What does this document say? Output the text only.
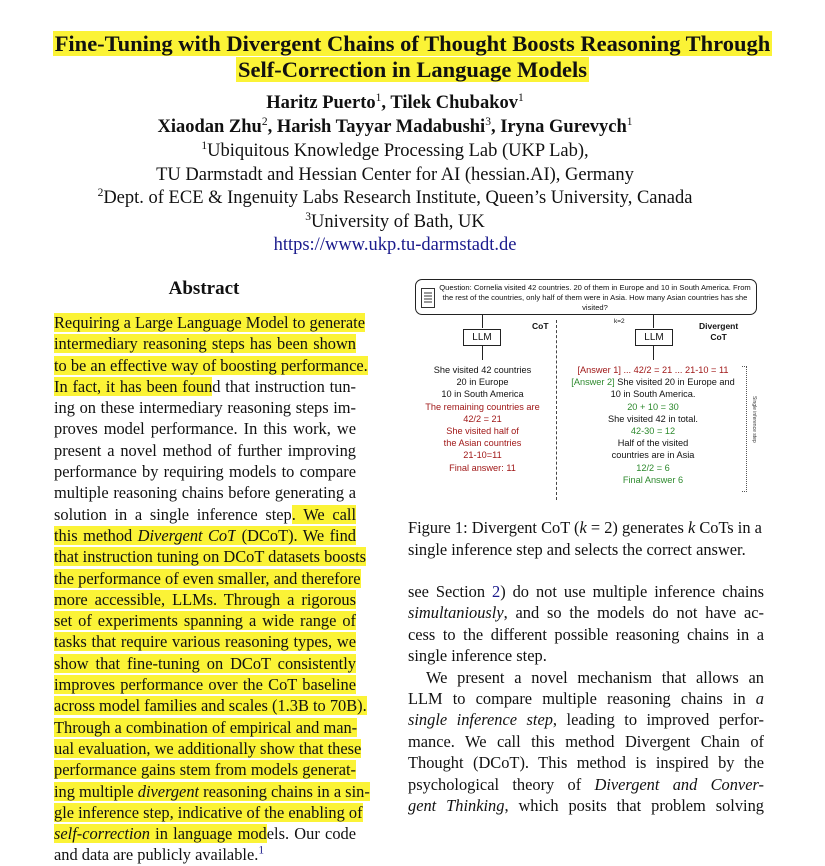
Fine-Tuning with Divergent Chains of Thought Boosts Reasoning Through
Self-Correction in Language Models
Haritz Puerto$^1$, Tilek Chubakov$^1$
Xiaodan Zhu$^2$, Harish Tayyar Madabushi$^3$, Iryna Gurevych$^1$
$^1$Ubiquitous Knowledge Processing Lab (UKP Lab),
TU Darmstadt and Hessian Center for AI (hessian.AI), Germany
$^2$Dept. of ECE & Ingenuity Labs Research Institute, Queen’s University, Canada
$^3$University of Bath, UK
https://www.ukp.tu-darmstadt.de
Abstract
Requiring a Large Language Model to generate
intermediary reasoning steps has been shown
to be an effective way of boosting performance.
In fact, it has been found that instruction tun-
ing on these intermediary reasoning steps im-
proves model performance. In this work, we
present a novel method of further improving
performance by requiring models to compare
multiple reasoning chains before generating a
solution in a single inference step. We call
this method Divergent CoT (DCoT). We find
that instruction tuning on DCoT datasets boosts
the performance of even smaller, and therefore
more accessible, LLMs. Through a rigorous
set of experiments spanning a wide range of
tasks that require various reasoning types, we
show that fine-tuning on DCoT consistently
improves performance over the CoT baseline
across model families and scales (1.3B to 70B).
Through a combination of empirical and man-
ual evaluation, we additionally show that these
performance gains stem from models generat-
ing multiple divergent reasoning chains in a sin-
gle inference step, indicative of the enabling of
self-correction in language models. Our code
and data are publicly available.$^1$
Question: Cornelia visited 42 countries. 20 of them in Europe and 10 in South America. From the rest of the countries, only half of them were in Asia. How many Asian countries has she visited?
LLM	LLM
CoT	k=2	Divergent
CoT
She visited 42 countries
20 in Europe
10 in South America
The remaining countries are
42/2 = 21
She visited half of
the Asian countries
21-10=11
Final answer: 11
[Answer 1] ... 42/2 = 21 ... 21-10 = 11
[Answer 2] She visited 20 in Europe and
10 in South America.
20 + 10 = 30
She visited 42 in total.
42-30 = 12
Half of the visited
countries are in Asia
12/2 = 6
Final Answer 6
Single inference step
Figure 1: Divergent CoT (k = 2) generates k CoTs in a single inference step and selects the correct answer.
see Section 2) do not use multiple inference chains
simultaniously, and so the models do not have ac-
cess to the different possible reasoning chains in a
single inference step.
We present a novel mechanism that allows an
LLM to compare multiple reasoning chains in a
single inference step, leading to improved perfor-
mance. We call this method Divergent Chain of
Thought (DCoT). This method is inspired by the
psychological theory of Divergent and Conver-
gent Thinking, which posits that problem solving
